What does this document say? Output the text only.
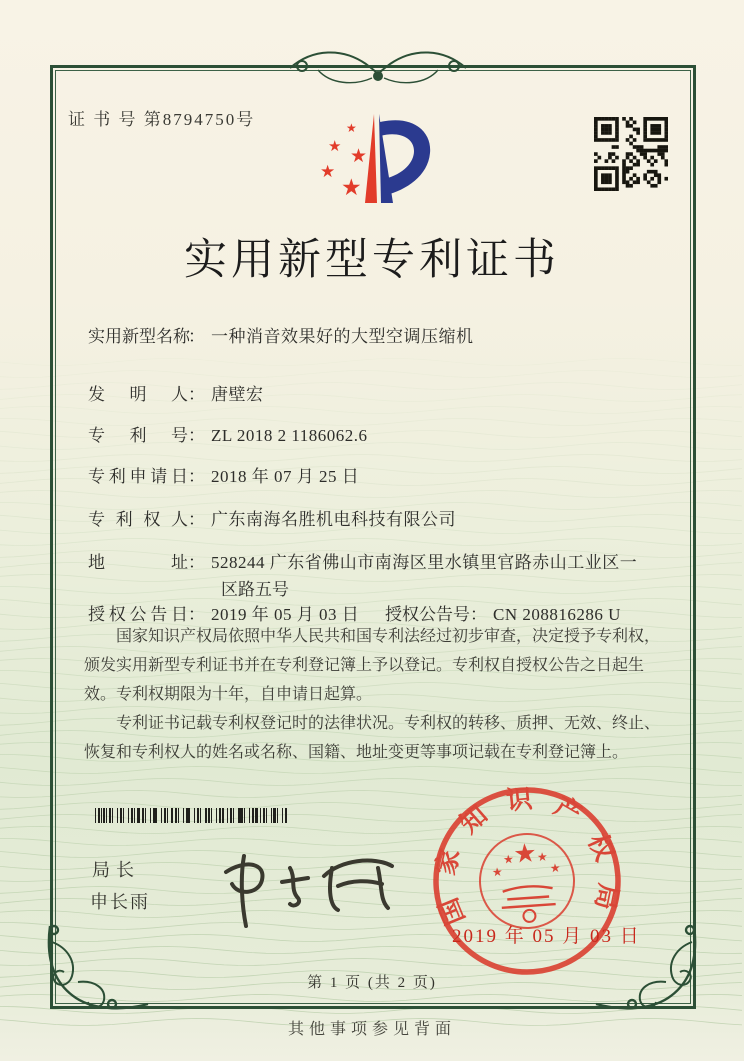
证 书 号 第8794750号	★
★ ★
★
★
实用新型专利证书
实用新型名称： 一种消音效果好的大型空调压缩机
发明人： 唐壁宏
专利号： ZL 2018 2 1186062.6
专利申请日： 2018 年 07 月 25 日
专利权人： 广东南海名胜机电科技有限公司
地址： 528244 广东省佛山市南海区里水镇里官路赤山工业区一
区路五号
授权公告日： 2019 年 05 月 03 日 授权公告号： CN 208816286 U

国家知识产权局依照中华人民共和国专利法经过初步审查，决定授予专利权，颁发实用新型专利证书并在专利登记簿上予以登记。专利权自授权公告之日起生效。专利权期限为十年，自申请日起算。

专利证书记载专利权登记时的法律状况。专利权的转移、质押、无效、终止、恢复和专利权人的姓名或名称、国籍、地址变更等事项记载在专利登记簿上。

局长
申长雨	国家知识产权局
★
★
★ ★
★
2019 年 05 月 03 日
第 1 页 (共 2 页)
其他事项参见背面
